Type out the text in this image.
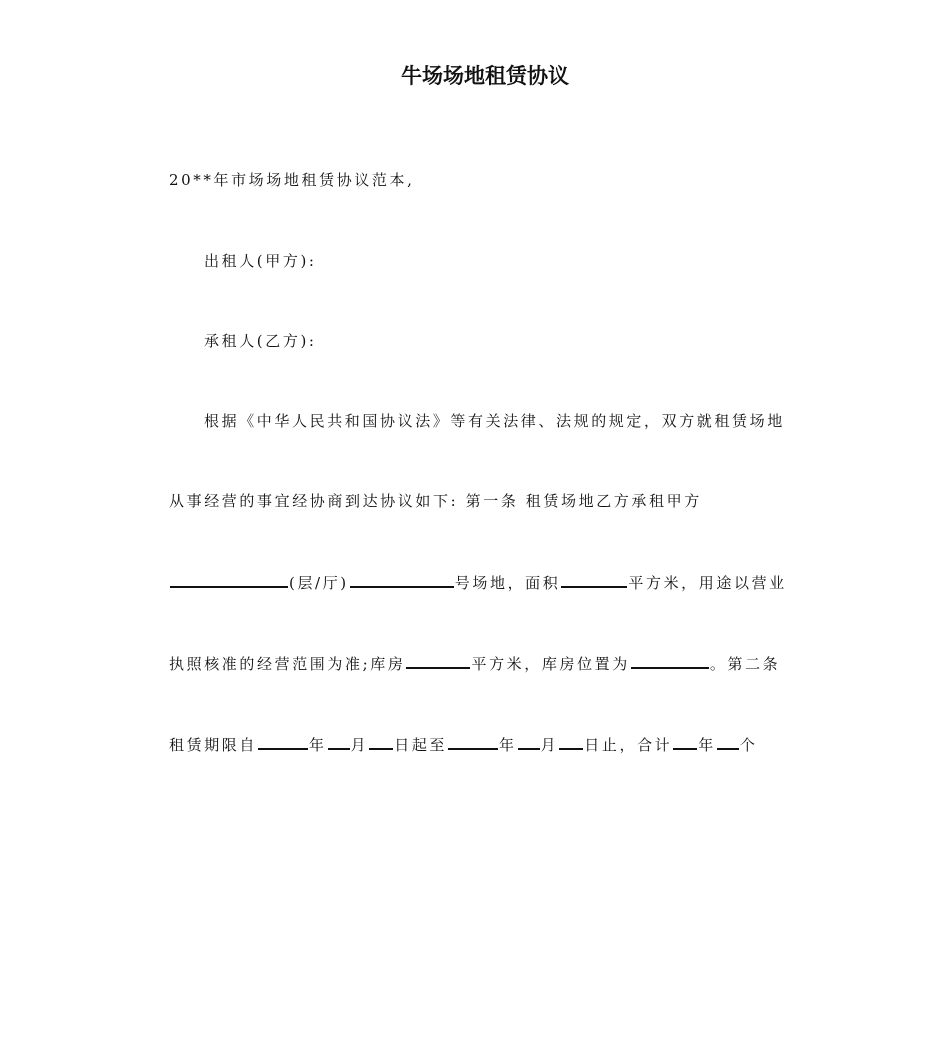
牛场场地租赁协议
20**年市场场地租赁协议范本,
出租人(甲方):
承租人(乙方):
根据《中华人民共和国协议法》等有关法律、法规的规定，双方就租赁场地
从事经营的事宜经协商到达协议如下: 第一条 租赁场地乙方承租甲方
(层/厅)	号场地，面积	平方米，用途以营业
执照核准的经营范围为准;库房	平方米，库房位置为	。第二条
租赁期限自	年 月 日起至	年 月 日止，合计 年 个
